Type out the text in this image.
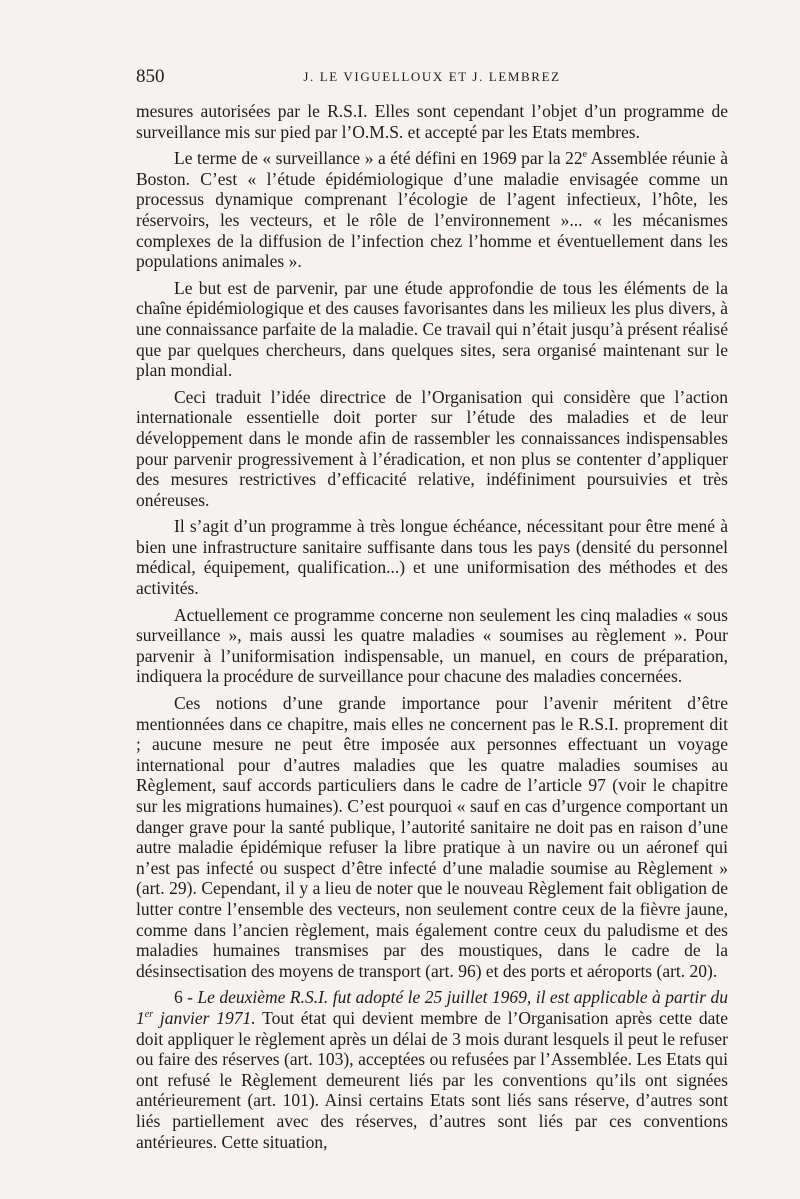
850	J. LE VIGUELLOUX ET J. LEMBREZ

mesures autorisées par le R.S.I. Elles sont cependant l’objet d’un programme de surveillance mis sur pied par l’O.M.S. et accepté par les Etats membres.

Le terme de « surveillance » a été défini en 1969 par la 22e Assemblée réunie à Boston. C’est « l’étude épidémiologique d’une maladie envisagée comme un processus dynamique comprenant l’écologie de l’agent infectieux, l’hôte, les réservoirs, les vecteurs, et le rôle de l’environnement »... « les mécanismes complexes de la diffusion de l’infection chez l’homme et éventuellement dans les populations animales ».

Le but est de parvenir, par une étude approfondie de tous les éléments de la chaîne épidémiologique et des causes favorisantes dans les milieux les plus divers, à une connaissance parfaite de la maladie. Ce travail qui n’était jusqu’à présent réalisé que par quelques chercheurs, dans quelques sites, sera organisé maintenant sur le plan mondial.

Ceci traduit l’idée directrice de l’Organisation qui considère que l’action internationale essentielle doit porter sur l’étude des maladies et de leur développement dans le monde afin de rassembler les connaissances indispensables pour parvenir progressivement à l’éradication, et non plus se contenter d’appliquer des mesures restrictives d’efficacité relative, indéfiniment poursuivies et très onéreuses.

Il s’agit d’un programme à très longue échéance, nécessitant pour être mené à bien une infrastructure sanitaire suffisante dans tous les pays (densité du personnel médical, équipement, qualification...) et une uniformisation des méthodes et des activités.

Actuellement ce programme concerne non seulement les cinq maladies « sous surveillance », mais aussi les quatre maladies « soumises au règlement ». Pour parvenir à l’uniformisation indispensable, un manuel, en cours de préparation, indiquera la procédure de surveillance pour chacune des maladies concernées.

Ces notions d’une grande importance pour l’avenir méritent d’être mentionnées dans ce chapitre, mais elles ne concernent pas le R.S.I. proprement dit ; aucune mesure ne peut être imposée aux personnes effectuant un voyage international pour d’autres maladies que les quatre maladies soumises au Règlement, sauf accords particuliers dans le cadre de l’article 97 (voir le chapitre sur les migrations humaines). C’est pourquoi « sauf en cas d’urgence comportant un danger grave pour la santé publique, l’autorité sanitaire ne doit pas en raison d’une autre maladie épidémique refuser la libre pratique à un navire ou un aéronef qui n’est pas infecté ou suspect d’être infecté d’une maladie soumise au Règlement » (art. 29). Cependant, il y a lieu de noter que le nouveau Règlement fait obligation de lutter contre l’ensemble des vecteurs, non seulement contre ceux de la fièvre jaune, comme dans l’ancien règlement, mais également contre ceux du paludisme et des maladies humaines transmises par des moustiques, dans le cadre de la désinsectisation des moyens de transport (art. 96) et des ports et aéroports (art. 20).

6 - Le deuxième R.S.I. fut adopté le 25 juillet 1969, il est applicable à partir du 1er janvier 1971. Tout état qui devient membre de l’Organisation après cette date doit appliquer le règlement après un délai de 3 mois durant lesquels il peut le refuser ou faire des réserves (art. 103), acceptées ou refusées par l’Assemblée. Les Etats qui ont refusé le Règlement demeurent liés par les conventions qu’ils ont signées antérieurement (art. 101). Ainsi certains Etats sont liés sans réserve, d’autres sont liés partiellement avec des réserves, d’autres sont liés par ces conventions antérieures. Cette situation,
